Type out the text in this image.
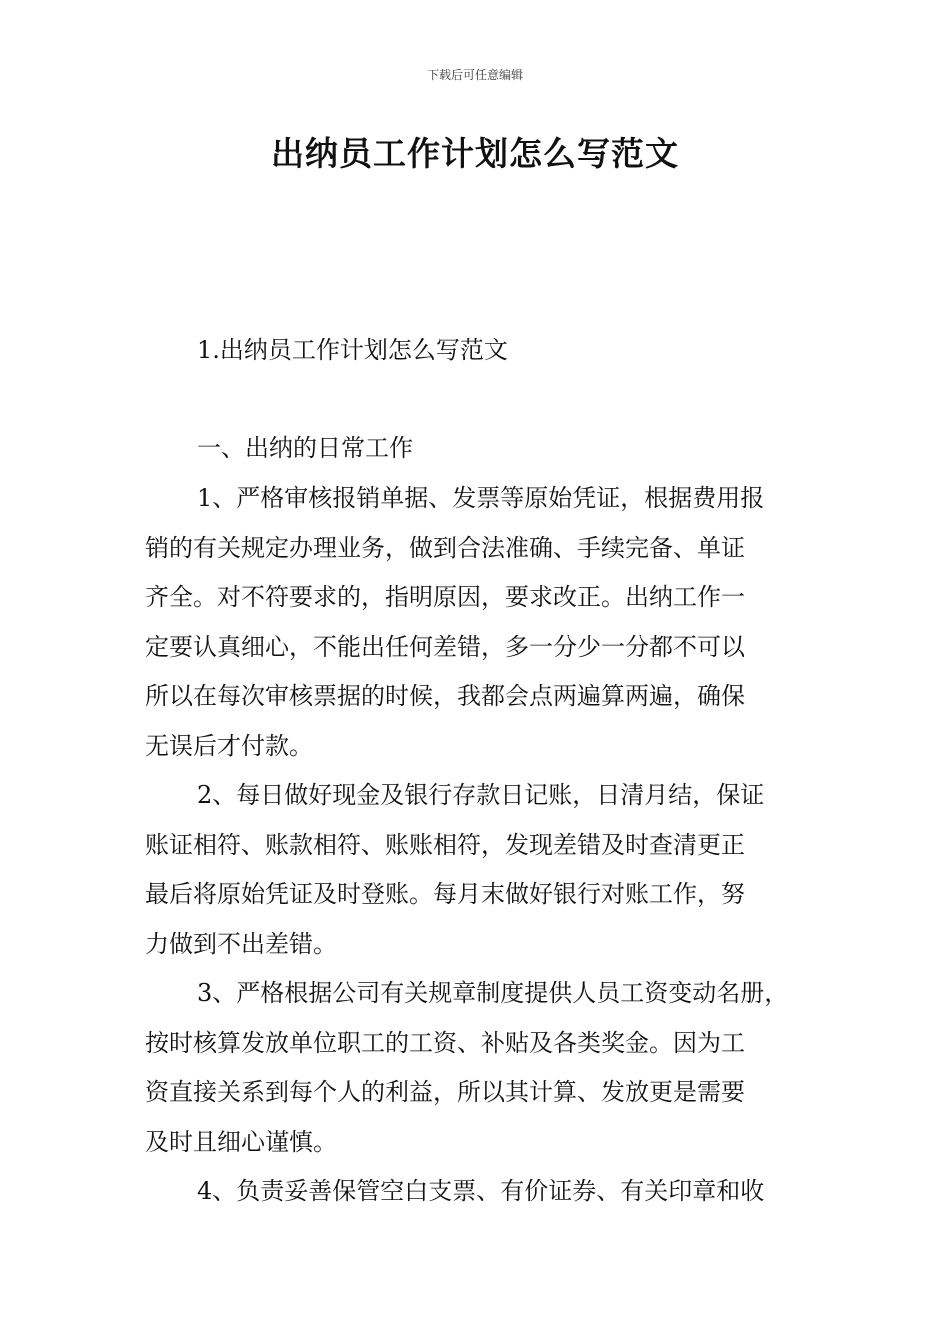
下载后可任意编辑
出纳员工作计划怎么写范文
1.出纳员工作计划怎么写范文
一、出纳的日常工作
1、严格审核报销单据、发票等原始凭证，根据费用报
销的有关规定办理业务，做到合法准确、手续完备、单证
齐全。对不符要求的，指明原因，要求改正。出纳工作一
定要认真细心，不能出任何差错，多一分少一分都不可以
所以在每次审核票据的时候，我都会点两遍算两遍，确保
无误后才付款。
2、每日做好现金及银行存款日记账，日清月结，保证
账证相符、账款相符、账账相符，发现差错及时查清更正
最后将原始凭证及时登账。每月末做好银行对账工作，努
力做到不出差错。
3、严格根据公司有关规章制度提供人员工资变动名册，
按时核算发放单位职工的工资、补贴及各类奖金。因为工
资直接关系到每个人的利益，所以其计算、发放更是需要
及时且细心谨慎。
4、负责妥善保管空白支票、有价证券、有关印章和收
